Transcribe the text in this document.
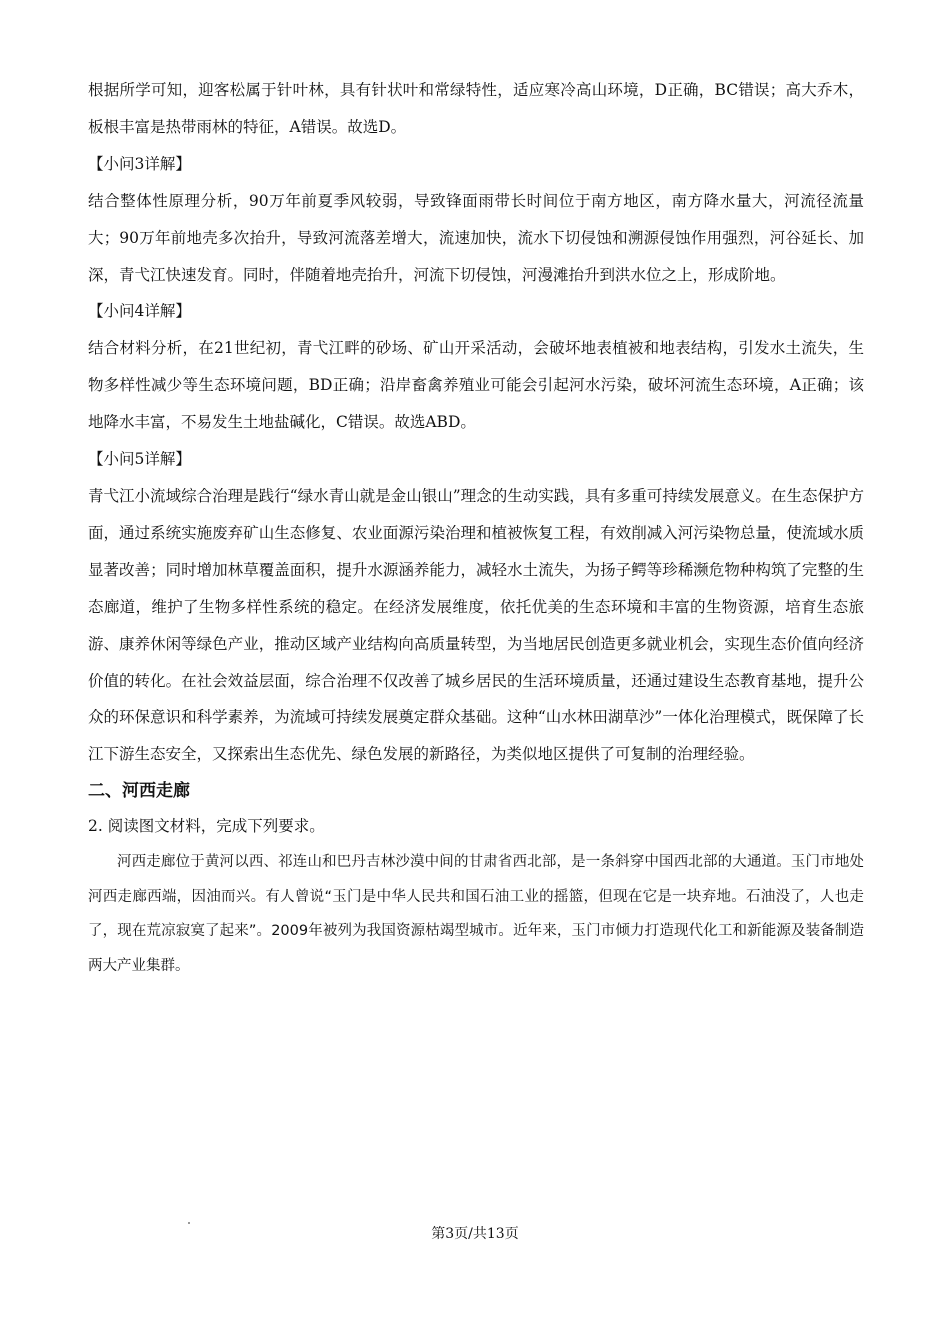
根据所学可知，迎客松属于针叶林，具有针状叶和常绿特性，适应寒冷高山环境，D正确，BC错误；高大乔木，板根丰富是热带雨林的特征，A错误。故选D。

【小问3详解】

结合整体性原理分析，90万年前夏季风较弱，导致锋面雨带长时间位于南方地区，南方降水量大，河流径流量大；90万年前地壳多次抬升，导致河流落差增大，流速加快，流水下切侵蚀和溯源侵蚀作用强烈，河谷延长、加深，青弋江快速发育。同时，伴随着地壳抬升，河流下切侵蚀，河漫滩抬升到洪水位之上，形成阶地。

【小问4详解】

结合材料分析，在21世纪初，青弋江畔的砂场、矿山开采活动，会破坏地表植被和地表结构，引发水土流失，生物多样性减少等生态环境问题，BD正确；沿岸畜禽养殖业可能会引起河水污染，破坏河流生态环境，A正确；该地降水丰富，不易发生土地盐碱化，C错误。故选ABD。

【小问5详解】

青弋江小流域综合治理是践行“绿水青山就是金山银山”理念的生动实践，具有多重可持续发展意义。在生态保护方面，通过系统实施废弃矿山生态修复、农业面源污染治理和植被恢复工程，有效削减入河污染物总量，使流域水质显著改善；同时增加林草覆盖面积，提升水源涵养能力，减轻水土流失，为扬子鳄等珍稀濒危物种构筑了完整的生态廊道，维护了生物多样性系统的稳定。在经济发展维度，依托优美的生态环境和丰富的生物资源，培育生态旅游、康养休闲等绿色产业，推动区域产业结构向高质量转型，为当地居民创造更多就业机会，实现生态价值向经济价值的转化。在社会效益层面，综合治理不仅改善了城乡居民的生活环境质量，还通过建设生态教育基地，提升公众的环保意识和科学素养，为流域可持续发展奠定群众基础。这种“山水林田湖草沙”一体化治理模式，既保障了长江下游生态安全，又探索出生态优先、绿色发展的新路径，为类似地区提供了可复制的治理经验。

二、河西走廊

2. 阅读图文材料，完成下列要求。

河西走廊位于黄河以西、祁连山和巴丹吉林沙漠中间的甘肃省西北部，是一条斜穿中国西北部的大通道。玉门市地处河西走廊西端，因油而兴。有人曾说“玉门是中华人民共和国石油工业的摇篮，但现在它是一块弃地。石油没了，人也走了，现在荒凉寂寞了起来”。2009年被列为我国资源枯竭型城市。近年来，玉门市倾力打造现代化工和新能源及装备制造两大产业集群。

第3页/共13页
